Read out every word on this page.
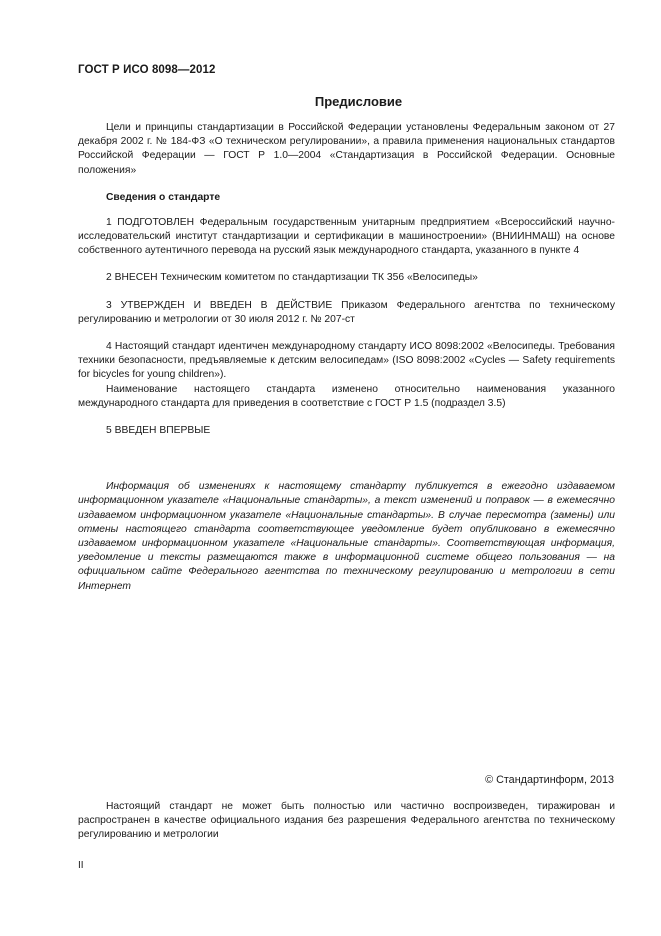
ГОСТ Р ИСО 8098—2012
Предисловие

Цели и принципы стандартизации в Российской Федерации установлены Федеральным законом от 27 декабря 2002 г. № 184-ФЗ «О техническом регулировании», а правила применения национальных стандартов Российской Федерации — ГОСТ Р 1.0—2004 «Стандартизация в Российской Федерации. Основные положения»

Сведения о стандарте

1 ПОДГОТОВЛЕН Федеральным государственным унитарным предприятием «Всероссийский научно-исследовательский институт стандартизации и сертификации в машиностроении» (ВНИИНМАШ) на основе собственного аутентичного перевода на русский язык международного стандарта, указанного в пункте 4

2 ВНЕСЕН Техническим комитетом по стандартизации ТК 356 «Велосипеды»

3 УТВЕРЖДЕН И ВВЕДЕН В ДЕЙСТВИЕ Приказом Федерального агентства по техническому регулированию и метрологии от 30 июля 2012 г. № 207-ст

4 Настоящий стандарт идентичен международному стандарту ИСО 8098:2002 «Велосипеды. Требования техники безопасности, предъявляемые к детским велосипедам» (ISO 8098:2002 «Cycles — Safety requirements for bicycles for young children»).

Наименование настоящего стандарта изменено относительно наименования указанного международного стандарта для приведения в соответствие с ГОСТ Р 1.5 (подраздел 3.5)

5 ВВЕДЕН ВПЕРВЫЕ

Информация об изменениях к настоящему стандарту публикуется в ежегодно издаваемом информационном указателе «Национальные стандарты», а текст изменений и поправок — в ежемесячно издаваемом информационном указателе «Национальные стандарты». В случае пересмотра (замены) или отмены настоящего стандарта соответствующее уведомление будет опубликовано в ежемесячно издаваемом информационном указателе «Национальные стандарты». Соответствующая информация, уведомление и тексты размещаются также в информационной системе общего пользования — на официальном сайте Федерального агентства по техническому регулированию и метрологии в сети Интернет

© Стандартинформ, 2013

Настоящий стандарт не может быть полностью или частично воспроизведен, тиражирован и распространен в качестве официального издания без разрешения Федерального агентства по техническому регулированию и метрологии

II
